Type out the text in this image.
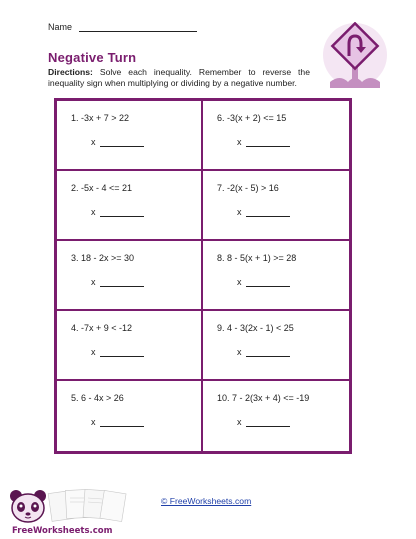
Name
Negative Turn
Directions: Solve each inequality. Remember to reverse the inequality sign when multiplying or dividing by a negative number.
1. -3x + 7 > 22
x
6. -3(x + 2) <= 15
x
2. -5x - 4 <= 21
x
7. -2(x - 5) > 16
x
3. 18 - 2x >= 30
x
8. 8 - 5(x + 1) >= 28
x
4. -7x + 9 < -12
x
9. 4 - 3(2x - 1) < 25
x
5. 6 - 4x > 26
x
10. 7 - 2(3x + 4) <= -19
x
FreeWorksheets.com
© FreeWorksheets.com
